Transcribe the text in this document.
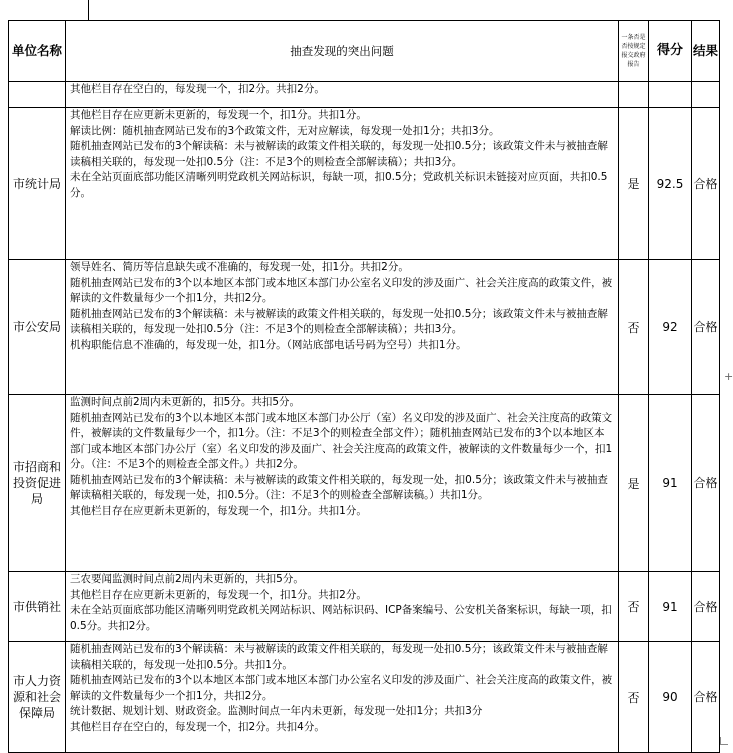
单位名称	抽查发现的突出问题	一条否是否按规定报交政府报告	得分	结果

	其他栏目存在空白的，每发现一个，扣2分。共扣2分。			

市统计局	其他栏目存在应更新未更新的，每发现一个，扣1分。共扣1分。
解读比例：随机抽查网站已发布的3个政策文件，无对应解读，每发现一处扣1分；共扣3分。
随机抽查网站已发布的3个解读稿：未与被解读的政策文件相关联的，每发现一处扣0.5分；该政策文件未与被抽查解读稿相关联的，每发现一处扣0.5分（注：不足3个的则检查全部解读稿）；共扣3分。
未在全站页面底部功能区清晰列明党政机关网站标识，每缺一项，扣0.5分；党政机关标识未链接对应页面，共扣0.5分。	是	92.5	合格
市公安局	领导姓名、简历等信息缺失或不准确的，每发现一处，扣1分。共扣2分。
随机抽查网站已发布的3个以本地区本部门或本地区本部门办公室名义印发的涉及面广、社会关注度高的政策文件，被解读的文件数量每少一个扣1分，共扣2分。
随机抽查网站已发布的3个解读稿：未与被解读的政策文件相关联的，每发现一处扣0.5分；该政策文件未与被抽查解读稿相关联的，每发现一处扣0.5分（注：不足3个的则检查全部解读稿）；共扣3分。
机构职能信息不准确的，每发现一处，扣1分。（网站底部电话号码为空号）共扣1分。	否	92	合格
市招商和投资促进局	监测时间点前2周内未更新的，扣5分。共扣5分。
随机抽查网站已发布的3个以本地区本部门或本地区本部门办公厅（室）名义印发的涉及面广、社会关注度高的政策文件，被解读的文件数量每少一个，扣1分。（注：不足3个的则检查全部文件）；随机抽查网站已发布的3个以本地区本部门或本地区本部门办公厅（室）名义印发的涉及面广、社会关注度高的政策文件，被解读的文件数量每少一个，扣1分。（注：不足3个的则检查全部文件。）共扣2分。
随机抽查网站已发布的3个解读稿：未与被解读的政策文件相关联的，每发现一处，扣0.5分；该政策文件未与被抽查解读稿相关联的，每发现一处，扣0.5分。（注：不足3个的则检查全部解读稿。）共扣1分。
其他栏目存在应更新未更新的，每发现一个，扣1分。共扣1分。	是	91	合格
市供销社	三农要闻监测时间点前2周内未更新的，共扣5分。
其他栏目存在应更新未更新的，每发现一个，扣1分。共扣2分。
未在全站页面底部功能区清晰列明党政机关网站标识、网站标识码、ICP备案编号、公安机关备案标识，每缺一项，扣0.5分。共扣2分。	否	91	合格
市人力资源和社会保障局	随机抽查网站已发布的3个解读稿：未与被解读的政策文件相关联的，每发现一处扣0.5分；该政策文件未与被抽查解读稿相关联的，每发现一处扣0.5分。共扣1分。
随机抽查网站已发布的3个以本地区本部门或本地区本部门办公室名义印发的涉及面广、社会关注度高的政策文件，被解读的文件数量每少一个扣1分，共扣2分。
统计数据、规划计划、财政资金。监测时间点一年内未更新，每发现一处扣1分；共扣3分
其他栏目存在空白的，每发现一个，扣2分。共扣4分。	否	90	合格
+
